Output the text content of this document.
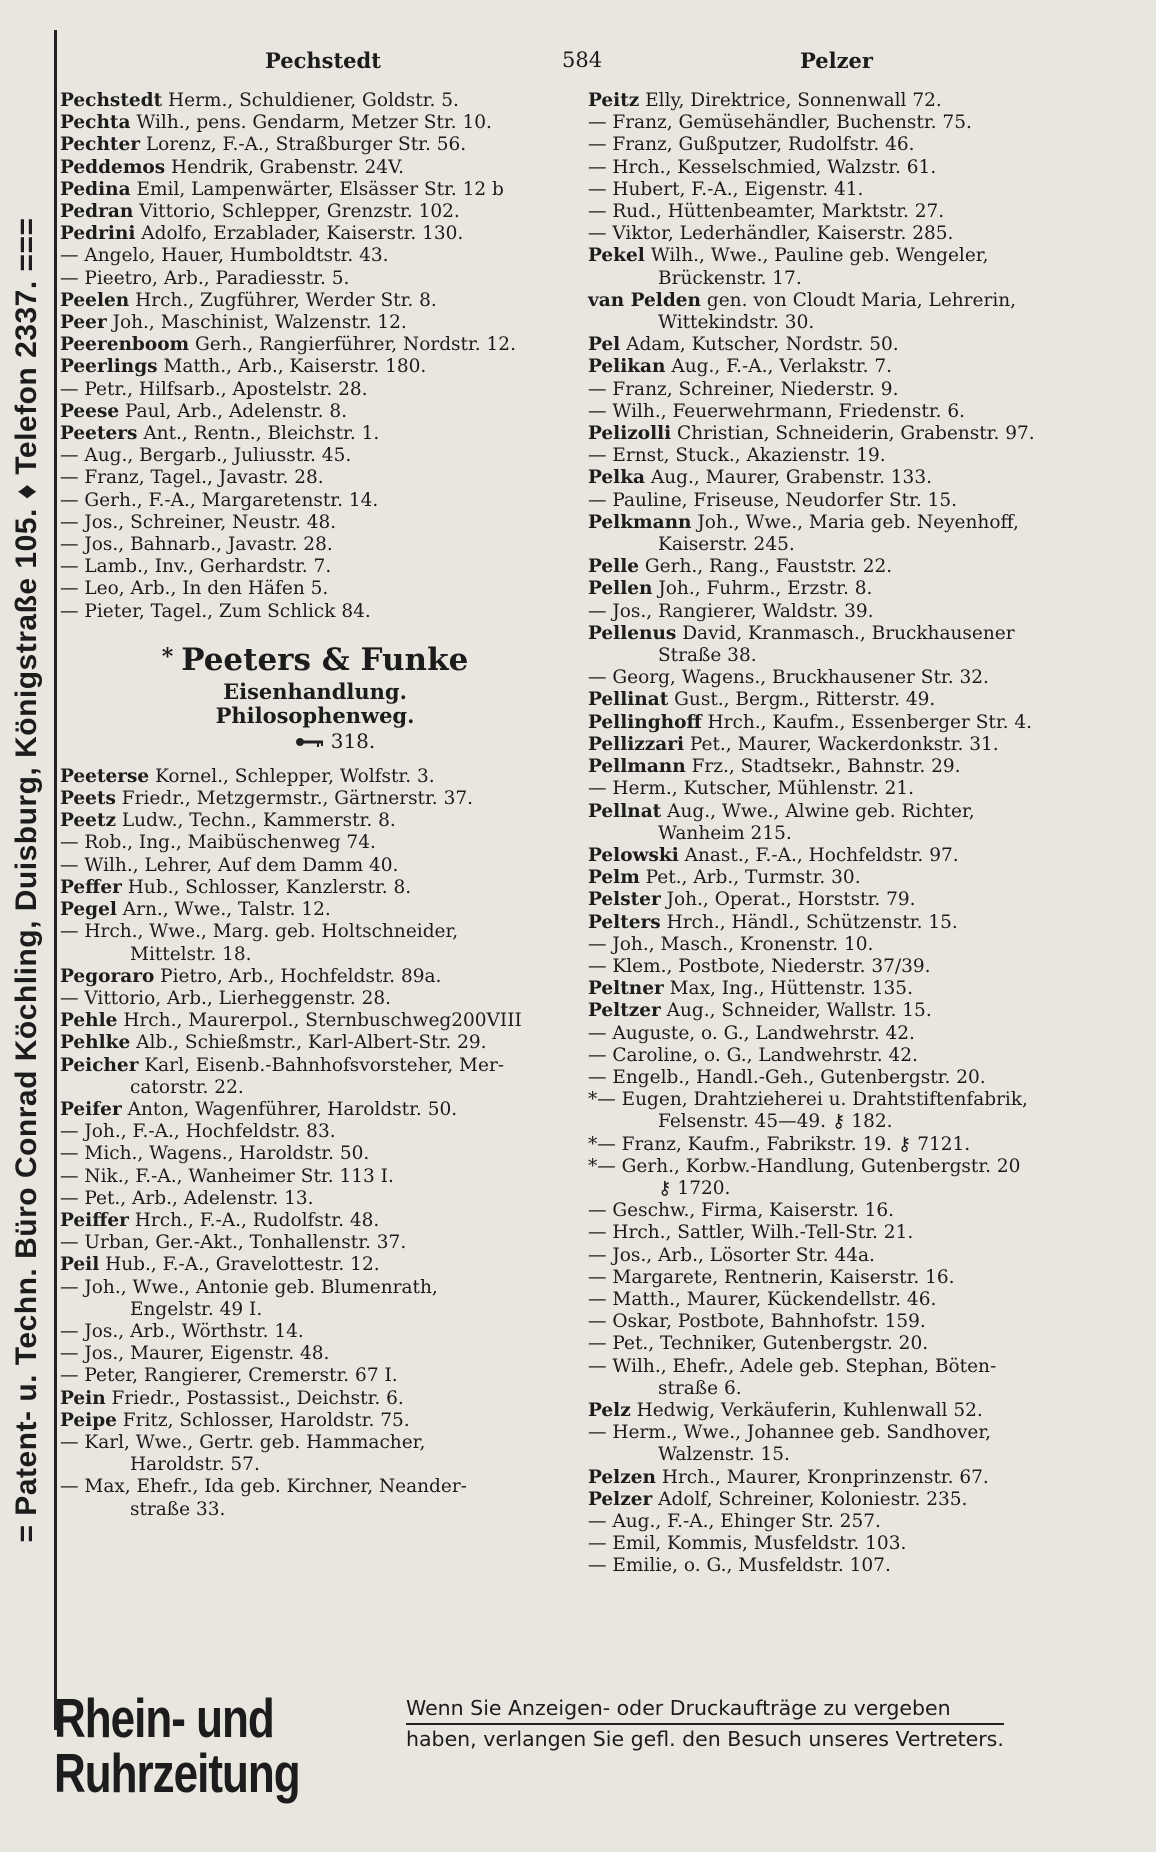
= Patent- u. Techn. Büro Conrad Köchling, Duisburg, Königstraße 105. ♦ Telefon 2337. ===
Pechstedt	584	Pelzer
Pechstedt Herm., Schuldiener, Goldstr. 5.
Pechta Wilh., pens. Gendarm, Metzer Str. 10.
Pechter Lorenz, F.-A., Straßburger Str. 56.
Peddemos Hendrik, Grabenstr. 24V.
Pedina Emil, Lampenwärter, Elsässer Str. 12 b
Pedran Vittorio, Schlepper, Grenzstr. 102.
Pedrini Adolfo, Erzablader, Kaiserstr. 130.
— Angelo, Hauer, Humboldtstr. 43.
— Pieetro, Arb., Paradiesstr. 5.
Peelen Hrch., Zugführer, Werder Str. 8.
Peer Joh., Maschinist, Walzenstr. 12.
Peerenboom Gerh., Rangierführer, Nordstr. 12.
Peerlings Matth., Arb., Kaiserstr. 180.
— Petr., Hilfsarb., Apostelstr. 28.
Peese Paul, Arb., Adelenstr. 8.
Peeters Ant., Rentn., Bleichstr. 1.
— Aug., Bergarb., Juliusstr. 45.
— Franz, Tagel., Javastr. 28.
— Gerh., F.-A., Margaretenstr. 14.
— Jos., Schreiner, Neustr. 48.
— Jos., Bahnarb., Javastr. 28.
— Lamb., Inv., Gerhardstr. 7.
— Leo, Arb., In den Häfen 5.
— Pieter, Tagel., Zum Schlick 84.
* Peeters & Funke
Eisenhandlung.
Philosophenweg.
318.
Peeterse Kornel., Schlepper, Wolfstr. 3.
Peets Friedr., Metzgermstr., Gärtnerstr. 37.
Peetz Ludw., Techn., Kammerstr. 8.
— Rob., Ing., Maibüschenweg 74.
— Wilh., Lehrer, Auf dem Damm 40.
Peffer Hub., Schlosser, Kanzlerstr. 8.
Pegel Arn., Wwe., Talstr. 12.
— Hrch., Wwe., Marg. geb. Holtschneider,
Mittelstr. 18.
Pegoraro Pietro, Arb., Hochfeldstr. 89a.
— Vittorio, Arb., Lierheggenstr. 28.
Pehle Hrch., Maurerpol., Sternbuschweg200VIII
Pehlke Alb., Schießmstr., Karl-Albert-Str. 29.
Peicher Karl, Eisenb.-Bahnhofsvorsteher, Mer-
catorstr. 22.
Peifer Anton, Wagenführer, Haroldstr. 50.
— Joh., F.-A., Hochfeldstr. 83.
— Mich., Wagens., Haroldstr. 50.
— Nik., F.-A., Wanheimer Str. 113 I.
— Pet., Arb., Adelenstr. 13.
Peiffer Hrch., F.-A., Rudolfstr. 48.
— Urban, Ger.-Akt., Tonhallenstr. 37.
Peil Hub., F.-A., Gravelottestr. 12.
— Joh., Wwe., Antonie geb. Blumenrath,
Engelstr. 49 I.
— Jos., Arb., Wörthstr. 14.
— Jos., Maurer, Eigenstr. 48.
— Peter, Rangierer, Cremerstr. 67 I.
Pein Friedr., Postassist., Deichstr. 6.
Peipe Fritz, Schlosser, Haroldstr. 75.
— Karl, Wwe., Gertr. geb. Hammacher,
Haroldstr. 57.
— Max, Ehefr., Ida geb. Kirchner, Neander-
straße 33.
Peitz Elly, Direktrice, Sonnenwall 72.
— Franz, Gemüsehändler, Buchenstr. 75.
— Franz, Gußputzer, Rudolfstr. 46.
— Hrch., Kesselschmied, Walzstr. 61.
— Hubert, F.-A., Eigenstr. 41.
— Rud., Hüttenbeamter, Marktstr. 27.
— Viktor, Lederhändler, Kaiserstr. 285.
Pekel Wilh., Wwe., Pauline geb. Wengeler,
Brückenstr. 17.
van Pelden gen. von Cloudt Maria, Lehrerin,
Wittekindstr. 30.
Pel Adam, Kutscher, Nordstr. 50.
Pelikan Aug., F.-A., Verlakstr. 7.
— Franz, Schreiner, Niederstr. 9.
— Wilh., Feuerwehrmann, Friedenstr. 6.
Pelizolli Christian, Schneiderin, Grabenstr. 97.
— Ernst, Stuck., Akazienstr. 19.
Pelka Aug., Maurer, Grabenstr. 133.
— Pauline, Friseuse, Neudorfer Str. 15.
Pelkmann Joh., Wwe., Maria geb. Neyenhoff,
Kaiserstr. 245.
Pelle Gerh., Rang., Fauststr. 22.
Pellen Joh., Fuhrm., Erzstr. 8.
— Jos., Rangierer, Waldstr. 39.
Pellenus David, Kranmasch., Bruckhausener
Straße 38.
— Georg, Wagens., Bruckhausener Str. 32.
Pellinat Gust., Bergm., Ritterstr. 49.
Pellinghoff Hrch., Kaufm., Essenberger Str. 4.
Pellizzari Pet., Maurer, Wackerdonkstr. 31.
Pellmann Frz., Stadtsekr., Bahnstr. 29.
— Herm., Kutscher, Mühlenstr. 21.
Pellnat Aug., Wwe., Alwine geb. Richter,
Wanheim 215.
Pelowski Anast., F.-A., Hochfeldstr. 97.
Pelm Pet., Arb., Turmstr. 30.
Pelster Joh., Operat., Horststr. 79.
Pelters Hrch., Händl., Schützenstr. 15.
— Joh., Masch., Kronenstr. 10.
— Klem., Postbote, Niederstr. 37/39.
Peltner Max, Ing., Hüttenstr. 135.
Peltzer Aug., Schneider, Wallstr. 15.
— Auguste, o. G., Landwehrstr. 42.
— Caroline, o. G., Landwehrstr. 42.
— Engelb., Handl.-Geh., Gutenbergstr. 20.
*— Eugen, Drahtzieherei u. Drahtstiftenfabrik,
Felsenstr. 45—49. ⚷ 182.
*— Franz, Kaufm., Fabrikstr. 19. ⚷ 7121.
*— Gerh., Korbw.-Handlung, Gutenbergstr. 20
⚷ 1720.
— Geschw., Firma, Kaiserstr. 16.
— Hrch., Sattler, Wilh.-Tell-Str. 21.
— Jos., Arb., Lösorter Str. 44a.
— Margarete, Rentnerin, Kaiserstr. 16.
— Matth., Maurer, Kückendellstr. 46.
— Oskar, Postbote, Bahnhofstr. 159.
— Pet., Techniker, Gutenbergstr. 20.
— Wilh., Ehefr., Adele geb. Stephan, Böten-
straße 6.
Pelz Hedwig, Verkäuferin, Kuhlenwall 52.
— Herm., Wwe., Johannee geb. Sandhover,
Walzenstr. 15.
Pelzen Hrch., Maurer, Kronprinzenstr. 67.
Pelzer Adolf, Schreiner, Koloniestr. 235.
— Aug., F.-A., Ehinger Str. 257.
— Emil, Kommis, Musfeldstr. 103.
— Emilie, o. G., Musfeldstr. 107.
Rhein- und Ruhrzeitung
Wenn Sie Anzeigen- oder Druckaufträge zu vergeben
haben, verlangen Sie gefl. den Besuch unseres Vertreters.
